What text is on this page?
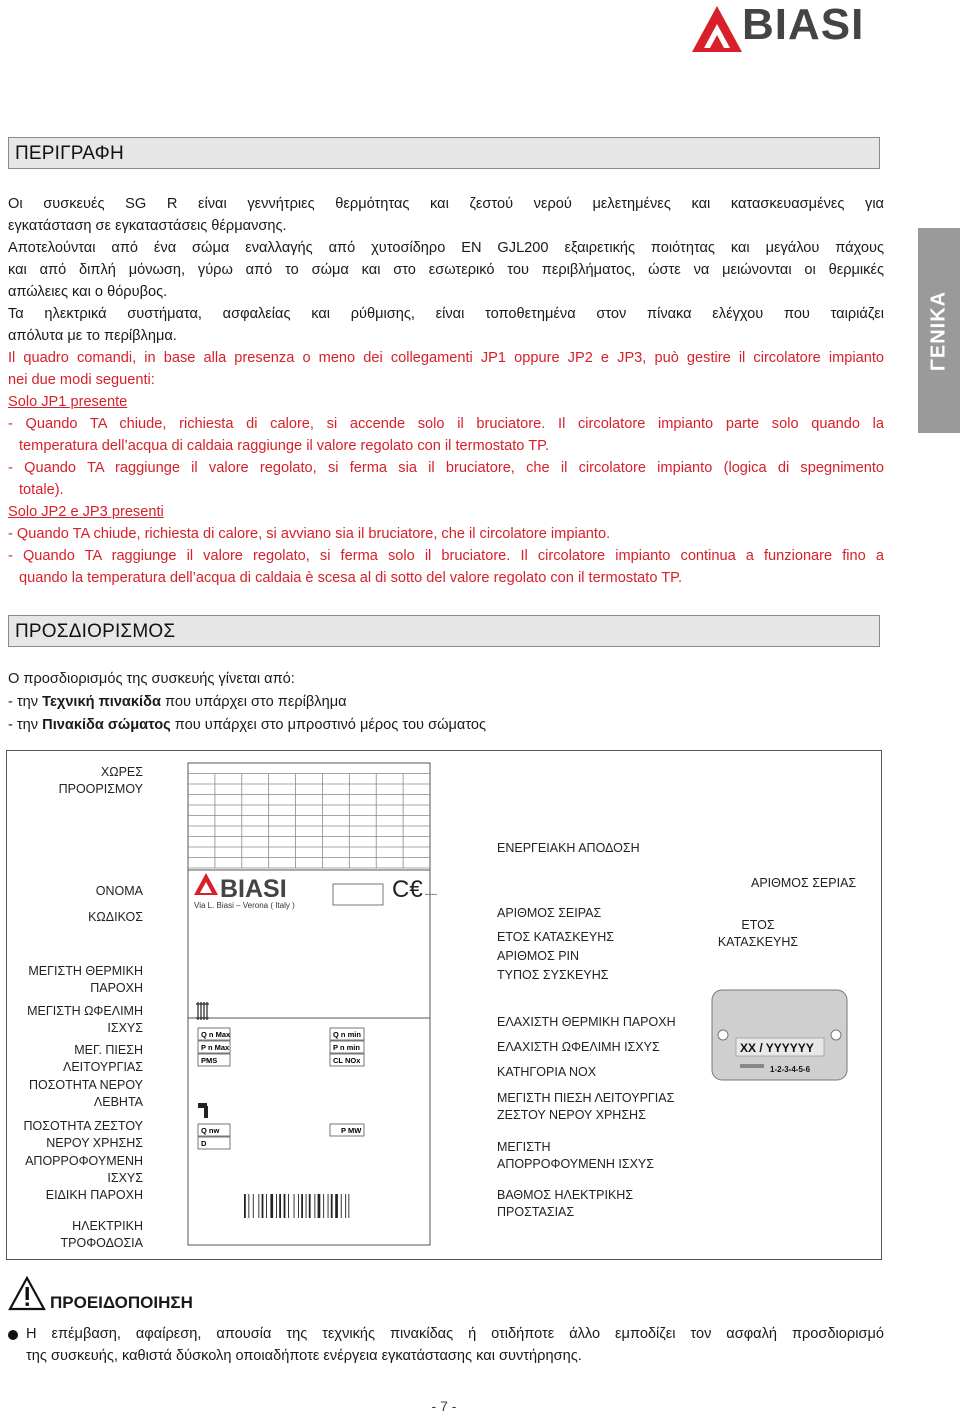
BIASI
ΓΕΝΙΚΑ
ΠΕΡΙΓΡΑΦΗ
Οι συσκευές SG R είναι γεννήτριες θερμότητας και ζεστού νερού μελετημένες και κατασκευασμένες για
εγκατάσταση σε εγκαταστάσεις θέρμανσης.
Αποτελούνται από ένα σώμα εναλλαγής από χυτοσίδηρο EN GJL200 εξαιρετικής ποιότητας και μεγάλου πάχους
και από διπλή μόνωση, γύρω από το σώμα και στο εσωτερικό του περιβλήματος, ώστε να μειώνονται οι θερμικές
απώλειες και ο θόρυβος.
Τα ηλεκτρικά συστήματα, ασφαλείας και ρύθμισης, είναι τοποθετημένα στον πίνακα ελέγχου που ταιριάζει
απόλυτα με το περίβλημα.
Il quadro comandi, in base alla presenza o meno dei collegamenti JP1 oppure JP2 e JP3, può gestire il circolatore impianto
nei due modi seguenti:
Solo JP1 presente
- Quando TA chiude, richiesta di calore, si accende solo il bruciatore. Il circolatore impianto parte solo quando la
temperatura dell’acqua di caldaia raggiunge il valore regolato con il termostato TP.
- Quando TA raggiunge il valore regolato, si ferma sia il bruciatore, che il circolatore impianto (logica di spegnimento
totale).
Solo JP2 e JP3 presenti
- Quando TA chiude, richiesta di calore, si avviano sia il bruciatore, che il circolatore impianto.
- Quando TA raggiunge il valore regolato, si ferma solo il bruciatore. Il circolatore impianto continua a funzionare fino a
quando la temperatura dell’acqua di caldaia è scesa al di sotto del valore regolato con il termostato TP.
ΠΡΟΣΔΙΟΡΙΣΜΟΣ
Ο προσδιορισμός της συσκευής γίνεται από:
- την Τεχνική πινακίδα που υπάρχει στο περίβλημα
- την Πινακίδα σώματος που υπάρχει στο μπροστινό μέρος του σώματος
BIASI
Via L. Biasi – Verona ( Italy )
C€ ----
Q n Max
P n Max
PMS
Q nw
D
Q n min
P n min
CL NOx
P MW
XX / YYYYYY
1-2-3-4-5-6
ΧΩΡΕΣ
ΠΡΟΟΡΙΣΜΟΥ
ΟΝΟΜΑ
ΚΩΔΙΚΟΣ
ΜΕΓΙΣΤΗ ΘΕΡΜΙΚΗ
ΠΑΡΟΧΗ
ΜΕΓΙΣΤΗ ΩΦΕΛΙΜΗ
ΙΣΧΥΣ
ΜΕΓ. ΠΙΕΣΗ
ΛΕΙΤΟΥΡΓΙΑΣ
ΠΟΣΟΤΗΤΑ ΝΕΡΟΥ
ΛΕΒΗΤΑ
ΠΟΣΟΤΗΤΑ ΖΕΣΤΟΥ
ΝΕΡΟΥ ΧΡΗΣΗΣ
ΑΠΟΡΡΟΦΟΥΜΕΝΗ
ΙΣΧΥΣ
ΕΙΔΙΚΗ ΠΑΡΟΧΗ
ΗΛΕΚΤΡΙΚΗ
ΤΡΟΦΟΔΟΣΙΑ
ΕΝΕΡΓΕΙΑΚΗ ΑΠΟΔΟΣΗ
ΑΡΙΘΜΟΣ ΣΕΙΡΑΣ
ΕΤΟΣ ΚΑΤΑΣΚΕΥΗΣ
ΑΡΙΘΜΟΣ PIN
ΤΥΠΟΣ ΣΥΣΚΕΥΗΣ
ΕΛΑΧΙΣΤΗ ΘΕΡΜΙΚΗ ΠΑΡΟΧΗ
ΕΛΑΧΙΣΤΗ ΩΦΕΛΙΜΗ ΙΣΧΥΣ
ΚΑΤΗΓΟΡΙΑ ΝΟΧ
ΜΕΓΙΣΤΗ ΠΙΕΣΗ ΛΕΙΤΟΥΡΓΙΑΣ
ΖΕΣΤΟΥ ΝΕΡΟΥ ΧΡΗΣΗΣ
ΜΕΓΙΣΤΗ
ΑΠΟΡΡΟΦΟΥΜΕΝΗ ΙΣΧΥΣ
ΒΑΘΜΟΣ ΗΛΕΚΤΡΙΚΗΣ
ΠΡΟΣΤΑΣΙΑΣ
ΑΡΙΘΜΟΣ ΣΕΡΙΑΣ
ΕΤΟΣ
ΚΑΤΑΣΚΕΥΗΣ
ΠΡΟΕΙΔΟΠΟΙΗΣΗ
Η επέμβαση, αφαίρεση, απουσία της τεχνικής πινακίδας ή οτιδήποτε άλλο εμποδίζει τον ασφαλή προσδιορισμό
της συσκευής, καθιστά δύσκολη οποιαδήποτε ενέργεια εγκατάστασης και συντήρησης.
- 7 -
